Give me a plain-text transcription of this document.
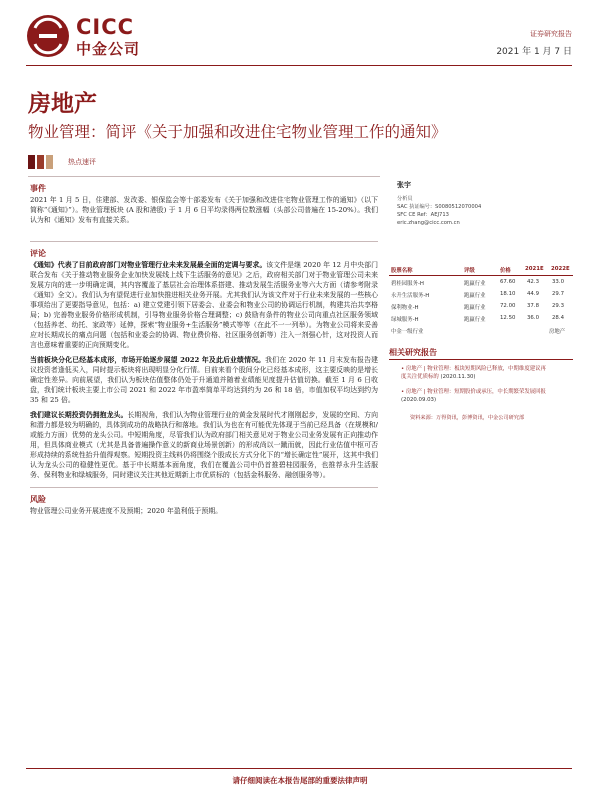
CICC
中金公司
证券研究报告
2021 年 1 月 7 日
房地产
物业管理：简评《关于加强和改进住宅物业管理工作的通知》
热点速评
事件
2021 年 1 月 5 日，住建部、发改委、银保监会等十部委发布《关于加强和改进住宅物业管理工作的通知》（以下简称“《通知》”）。物业管理板块 (A 股和港股) 于 1 月 6 日平均录得两位数涨幅（头部公司普遍在 15-20%）。我们认为和《通知》发布有直接关系。
评论
《通知》代表了目前政府部门对物业管理行业未来发展最全面的定调与要求。该文件是继 2020 年 12 月中央部门联合发布《关于推动物业服务企业加快发展线上线下生活服务的意见》之后，政府相关部门对于物业管理公司未来发展方向的进一步明确定调，其内容覆盖了基层社会治理体系搭建、推动发展生活服务业等六大方面（请参考附录《通知》全文）。我们认为有望促进行业加快推进相关业务开展。尤其我们认为该文件对于行业未来发展的一些核心事项给出了更要指导意见，包括：a) 建立党建引领下居委会、业委会和物业公司的协调运行机制，构建共治共享格局；b) 完善物业服务价格形成机制，引导物业服务价格合理调整；c) 鼓励有条件的物业公司向重点社区服务领域（包括养老、幼托、家政等）延伸，探索“物业服务+生活服务”模式等等（在此不一一列举）。为物业公司将来妥善应对长期成长的痛点问题（包括和业委会的协调、物业费价格、社区服务创新等）注入一剂强心针，这对投资人而言也意味着重要的正向预期变化。
当前板块分化已经基本成形，市场开始逐步展望 2022 年及此后业绩情况。我们在 2020 年 11 月末发布报告建议投资者逢低买入，同时提示板块将出现明显分化行情。目前来看个股间分化已经基本成形，这主要反映的是增长确定性差异。向前展望，我们认为板块估值整体仍处于升通道并随着业绩能见度提升估值切换。截至 1 月 6 日收盘，我们统计板块主要上市公司 2021 和 2022 年市盈率简单平均达到约为 26 和 18 倍，市值加权平均达到约为 35 和 25 倍。
我们建议长期投资仍拥抱龙头。长期视角，我们认为物业管理行业的黄金发展时代才刚刚起步，发展的空间、方向和潜力都是较为明确的，具体到成功的战略执行和落地。我们认为也在有可能优先体现于当前已经具备（在规模和/或能力方面）优势的龙头公司。中短期角度，尽管我们认为政府部门相关意见对于物业公司业务发展有正向推动作用，但具体商业模式（尤其是具备普遍操作意义的新商业场景创新）的形成尚以一蹴而就，因此行业估值中枢可否形成持续的系统性抬升值得观察。短期投资主线料仍将围绕个股成长方式分化下的“增长确定性”展开，这其中我们认为龙头公司的稳健性更优。基于中长期基本面角度，我们在覆盖公司中仍首推碧桂园服务，也推荐永升生活服务、保利物业和绿城服务，同时建议关注其他近期新上市优质标的（包括金科服务、融创服务等）。
风险
物业管理公司业务开展进度不及预期；2020 年盈利低于预期。
张宇
分析员
SAC 执证编号：S0080512070004
SFC CE Ref：AEJ713
eric.zhang@cicc.com.cn
股票名称	评级	价格	2021E 2022E
碧桂园服务-H	跑赢行业	67.60 42.3 33.0
永升生活服务-H	跑赢行业	18.10 44.9 29.7
保利物业-H	跑赢行业	72.00 37.8 29.3
绿城服务-H	跑赢行业	12.50 36.0 28.4
中金一级行业	房地产
相关研究报告
• 房地产 | 物业管理：板块短期风险已释放，中期维度建议再度关注优质标的 (2020.11.30)
• 房地产 | 物业管理：短期股价或承压，中长期繁荣发展回报 (2020.09.03)
资料来源：万得资讯，彭博资讯，中金公司研究部
请仔细阅读在本报告尾部的重要法律声明
